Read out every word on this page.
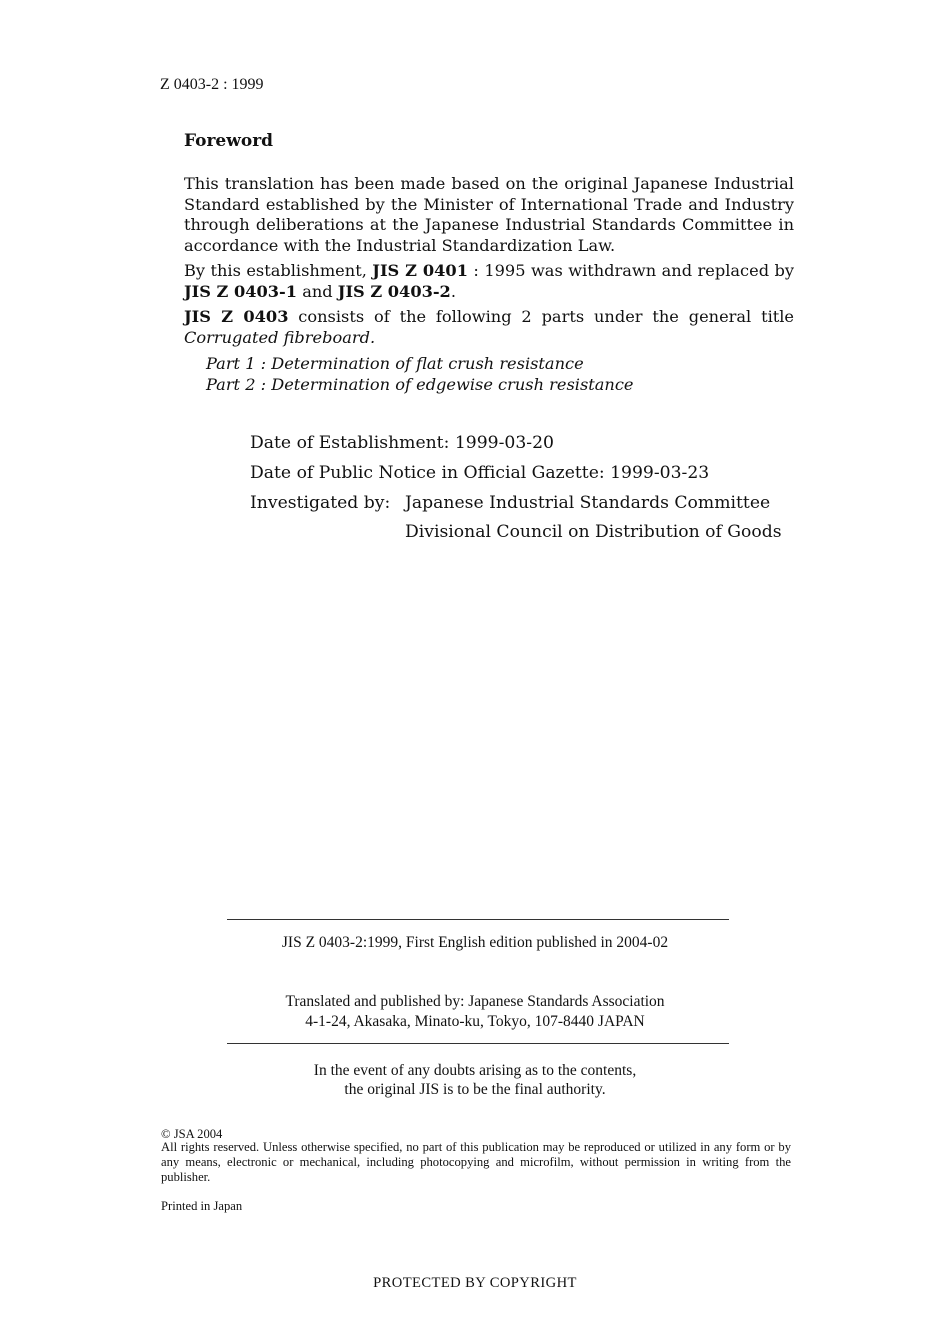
Z 0403-2 : 1999
Foreword
This translation has been made based on the original Japanese Industrial Standard established by the Minister of International Trade and Industry through deliberations at the Japanese Industrial Standards Committee in accordance with the Industrial Standardization Law.
By this establishment, JIS Z 0401 : 1995 was withdrawn and replaced by JIS Z 0403-1 and JIS Z 0403-2.
JIS Z 0403 consists of the following 2 parts under the general title Corrugated fibreboard.
Part 1 : Determination of flat crush resistance
Part 2 : Determination of edgewise crush resistance
Date of Establishment: 1999-03-20
Date of Public Notice in Official Gazette: 1999-03-23
Investigated by: Japanese Industrial Standards Committee
Divisional Council on Distribution of Goods
JIS Z 0403-2:1999, First English edition published in 2004-02
Translated and published by: Japanese Standards Association
4-1-24, Akasaka, Minato-ku, Tokyo, 107-8440 JAPAN
In the event of any doubts arising as to the contents,
the original JIS is to be the final authority.
© JSA 2004
All rights reserved. Unless otherwise specified, no part of this publication may be reproduced or utilized in any form or by any means, electronic or mechanical, including photocopying and microfilm, without permission in writing from the publisher.
Printed in Japan
PROTECTED BY COPYRIGHT
